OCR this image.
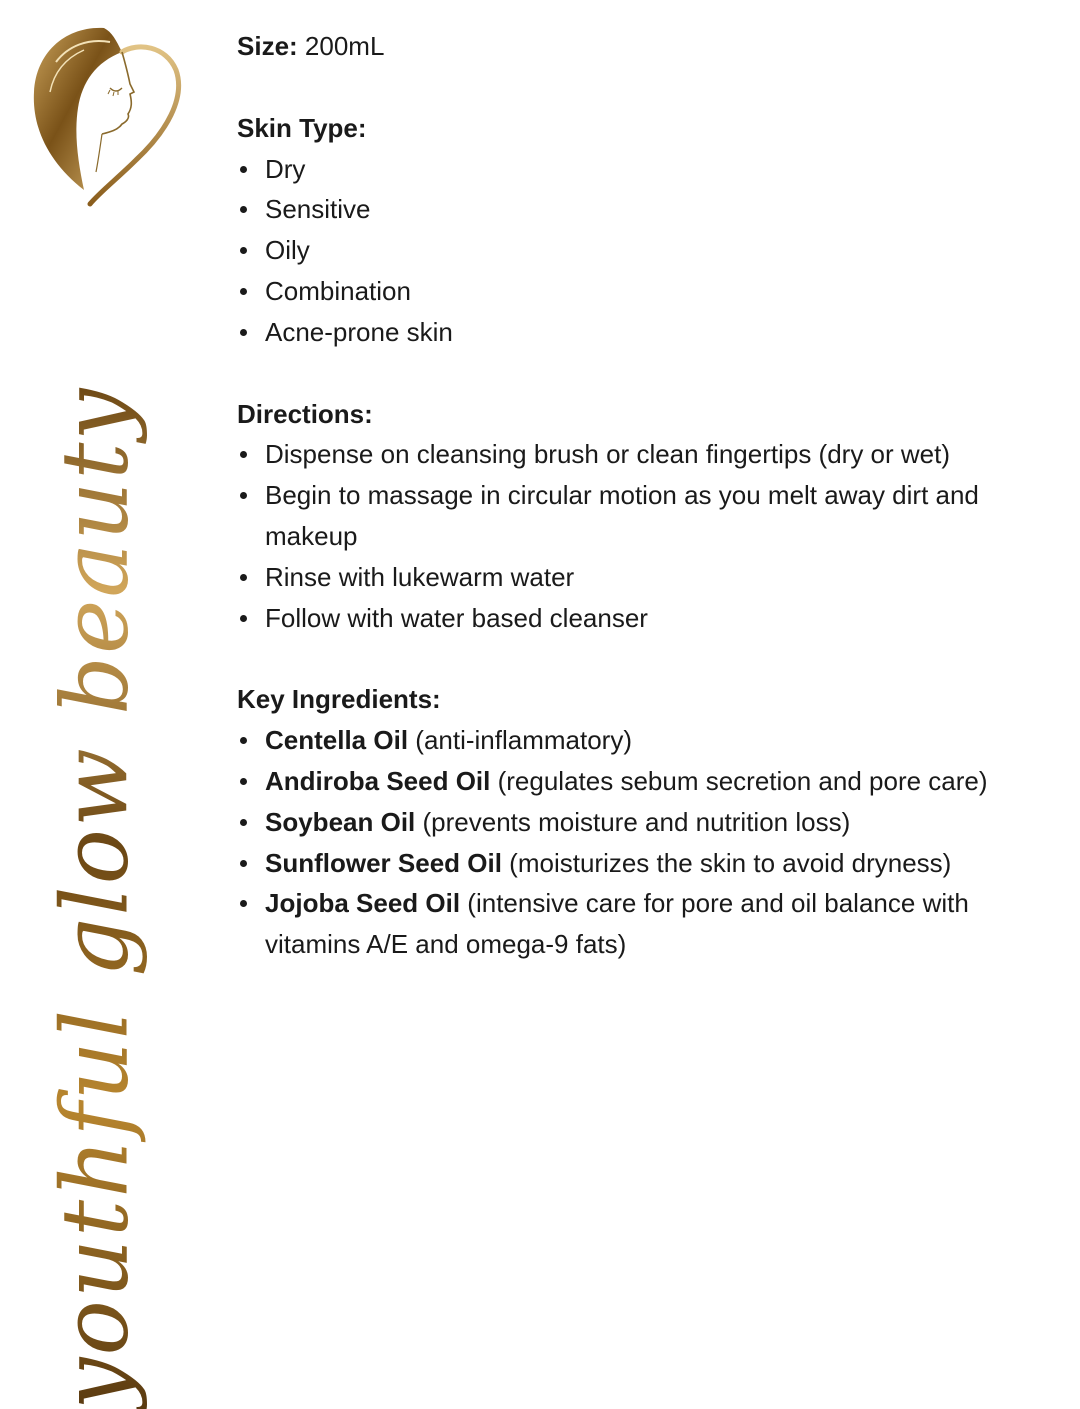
youthful glow beauty
Size: 200mL
Skin Type:
Dry
Sensitive
Oily
Combination
Acne-prone skin
Directions:
Dispense on cleansing brush or clean fingertips (dry or wet)
Begin to massage in circular motion as you melt away dirt and makeup
Rinse with lukewarm water
Follow with water based cleanser
Key Ingredients:
Centella Oil (anti-inflammatory)
Andiroba Seed Oil (regulates sebum secretion and pore care)
Soybean Oil (prevents moisture and nutrition loss)
Sunflower Seed Oil (moisturizes the skin to avoid dryness)
Jojoba Seed Oil (intensive care for pore and oil balance with vitamins A/E and omega-9 fats)
